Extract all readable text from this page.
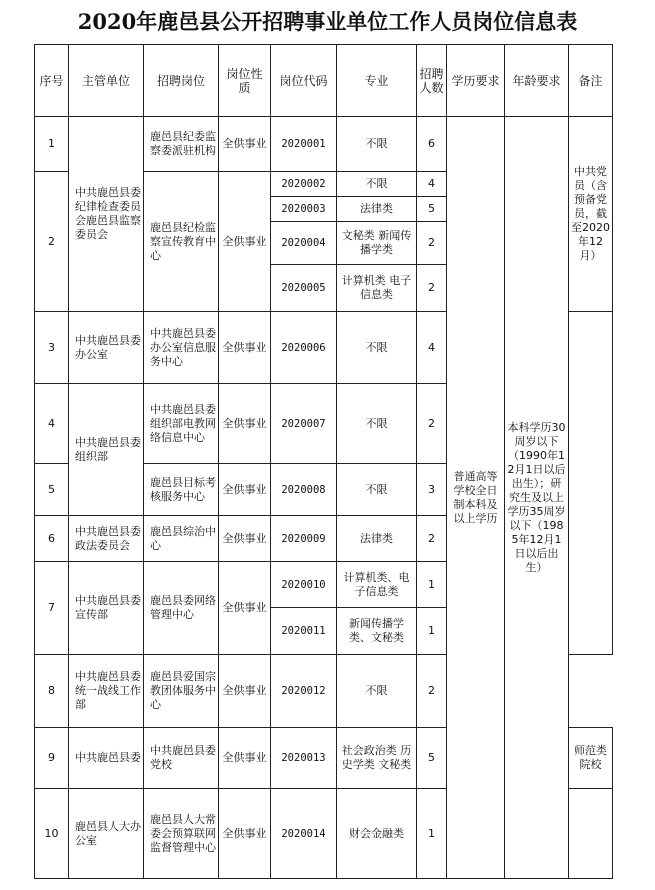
2020年鹿邑县公开招聘事业单位工作人员岗位信息表
序号	主管单位	招聘岗位	岗位性质	岗位代码	专业	招聘人数	学历要求	年龄要求	备注
1	中共鹿邑县委纪律检查委员会鹿邑县监察委员会	鹿邑县纪委监察委派驻机构	全供事业	2020001	不限	6	普通高等学校全日制本科及以上学历	本科学历30周岁以下（1990年12月1日以后出生）；研究生及以上学历35周岁以下（1985年12月1日以后出生）	中共党员（含预备党员，截至2020年12月）
2		鹿邑县纪检监察宣传教育中心	全供事业	2020002	不限	4			
				2020003	法律类	5			
				2020004	文秘类 新闻传播学类	2			
				2020005	计算机类 电子信息类	2			
3	中共鹿邑县委办公室	中共鹿邑县委办公室信息服务中心	全供事业	2020006	不限	4			
4	中共鹿邑县委组织部	中共鹿邑县委组织部电教网络信息中心	全供事业	2020007	不限	2			
5		鹿邑县目标考核服务中心	全供事业	2020008	不限	3			
6	中共鹿邑县委政法委员会	鹿邑县综治中心	全供事业	2020009	法律类	2			
7	中共鹿邑县委宣传部	鹿邑县委网络管理中心	全供事业	2020010	计算机类、电子信息类	1			
				2020011	新闻传播学类、文秘类	1			
8	中共鹿邑县委统一战线工作部	鹿邑县爱国宗教团体服务中心	全供事业	2020012	不限	2			
9	中共鹿邑县委	中共鹿邑县委党校	全供事业	2020013	社会政治类 历史学类 文秘类	5			师范类院校
10	鹿邑县人大办公室	鹿邑县人大常委会预算联网监督管理中心	全供事业	2020014	财会金融类	1			
